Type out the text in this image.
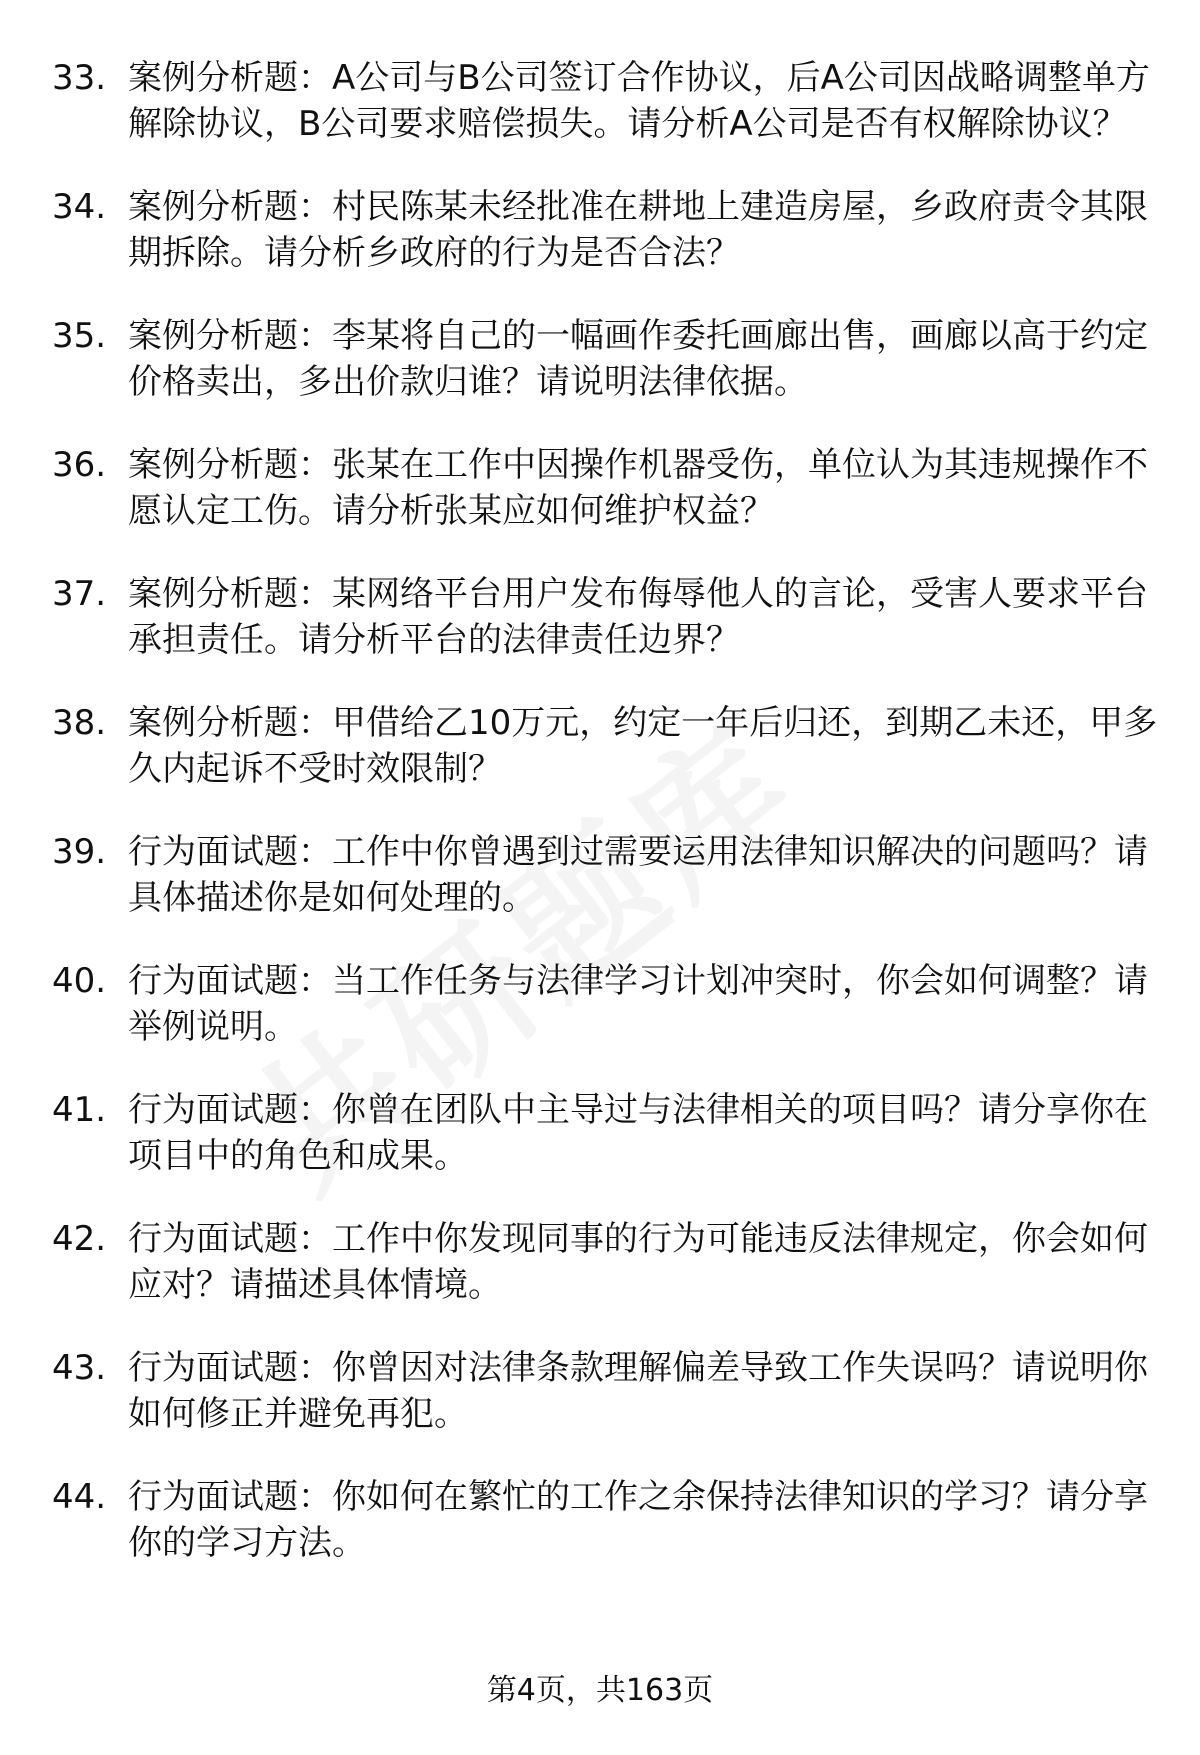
33. 案例分析题：A公司与B公司签订合作协议，后A公司因战略调整单方解除协议，B公司要求赔偿损失。请分析A公司是否有权解除协议？
34. 案例分析题：村民陈某未经批准在耕地上建造房屋，乡政府责令其限期拆除。请分析乡政府的行为是否合法？
35. 案例分析题：李某将自己的一幅画作委托画廊出售，画廊以高于约定价格卖出，多出价款归谁？请说明法律依据。
36. 案例分析题：张某在工作中因操作机器受伤，单位认为其违规操作不愿认定工伤。请分析张某应如何维护权益？
37. 案例分析题：某网络平台用户发布侮辱他人的言论，受害人要求平台承担责任。请分析平台的法律责任边界？
38. 案例分析题：甲借给乙10万元，约定一年后归还，到期乙未还，甲多久内起诉不受时效限制？
39. 行为面试题：工作中你曾遇到过需要运用法律知识解决的问题吗？请具体描述你是如何处理的。
40. 行为面试题：当工作任务与法律学习计划冲突时，你会如何调整？请举例说明。
41. 行为面试题：你曾在团队中主导过与法律相关的项目吗？请分享你在项目中的角色和成果。
42. 行为面试题：工作中你发现同事的行为可能违反法律规定，你会如何应对？请描述具体情境。
43. 行为面试题：你曾因对法律条款理解偏差导致工作失误吗？请说明你如何修正并避免再犯。
44. 行为面试题：你如何在繁忙的工作之余保持法律知识的学习？请分享你的学习方法。
第4页，共163页
